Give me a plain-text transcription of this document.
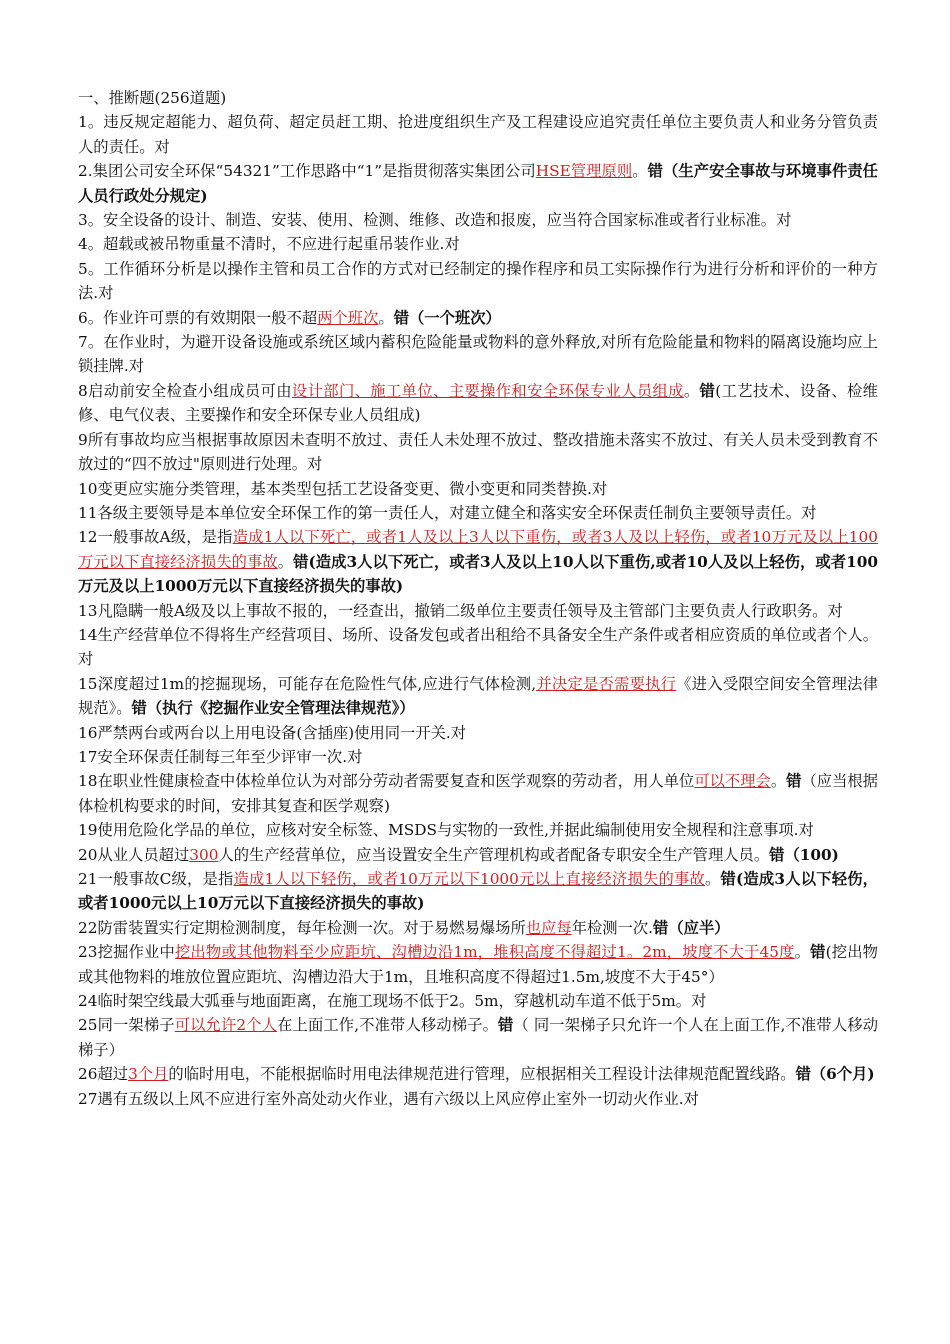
一、推断题(256道题)

1。违反规定超能力、超负荷、超定员赶工期、抢进度组织生产及工程建设应追究责任单位主要负责人和业务分管负责人的责任。对

2.集团公司安全环保“54321”工作思路中“1”是指贯彻落实集团公司HSE管理原则。错（生产安全事故与环境事件责任人员行政处分规定)

3。安全设备的设计、制造、安装、使用、检测、维修、改造和报废，应当符合国家标准或者行业标准。对

4。超载或被吊物重量不清时，不应进行起重吊装作业.对

5。工作循环分析是以操作主管和员工合作的方式对已经制定的操作程序和员工实际操作行为进行分析和评价的一种方法.对

6。作业许可票的有效期限一般不超两个班次。错（一个班次）

7。在作业时，为避开设备设施或系统区域内蓄积危险能量或物料的意外释放,对所有危险能量和物料的隔离设施均应上锁挂牌.对

8启动前安全检查小组成员可由设计部门、施工单位、主要操作和安全环保专业人员组成。错(工艺技术、设备、检维修、电气仪表、主要操作和安全环保专业人员组成)

9所有事故均应当根据事故原因未查明不放过、责任人未处理不放过、整改措施未落实不放过、有关人员未受到教育不放过的“四不放过"原则进行处理。对

10变更应实施分类管理，基本类型包括工艺设备变更、微小变更和同类替换.对

11各级主要领导是本单位安全环保工作的第一责任人，对建立健全和落实安全环保责任制负主要领导责任。对

12一般事故A级，是指造成1人以下死亡，或者1人及以上3人以下重伤，或者3人及以上轻伤，或者10万元及以上100万元以下直接经济损失的事故。错(造成3人以下死亡，或者3人及以上10人以下重伤,或者10人及以上轻伤，或者100万元及以上1000万元以下直接经济损失的事故)

13凡隐瞒一般A级及以上事故不报的，一经查出，撤销二级单位主要责任领导及主管部门主要负责人行政职务。对

14生产经营单位不得将生产经营项目、场所、设备发包或者出租给不具备安全生产条件或者相应资质的单位或者个人。对

15深度超过1m的挖掘现场，可能存在危险性气体,应进行气体检测,并决定是否需要执行《进入受限空间安全管理法律规范》。错（执行《挖掘作业安全管理法律规范》）

16严禁两台或两台以上用电设备(含插座)使用同一开关.对

17安全环保责任制每三年至少评审一次.对

18在职业性健康检查中体检单位认为对部分劳动者需要复查和医学观察的劳动者，用人单位可以不理会。错（应当根据体检机构要求的时间，安排其复查和医学观察)

19使用危险化学品的单位，应核对安全标签、MSDS与实物的一致性,并据此编制使用安全规程和注意事项.对

20从业人员超过300人的生产经营单位，应当设置安全生产管理机构或者配备专职安全生产管理人员。错（100)

21一般事故C级，是指造成1人以下轻伤，或者10万元以下1000元以上直接经济损失的事故。错(造成3人以下轻伤，或者1000元以上10万元以下直接经济损失的事故)

22防雷装置实行定期检测制度，每年检测一次。对于易燃易爆场所也应每年检测一次.错（应半）

23挖掘作业中挖出物或其他物料至少应距坑、沟槽边沿1m，堆积高度不得超过1。2m，坡度不大于45度。错(挖出物或其他物料的堆放位置应距坑、沟槽边沿大于1m，且堆积高度不得超过1.5m,坡度不大于45°）

24临时架空线最大弧垂与地面距离，在施工现场不低于2。5m，穿越机动车道不低于5m。对

25同一架梯子可以允许2个人在上面工作,不准带人移动梯子。错（ 同一架梯子只允许一个人在上面工作,不准带人移动梯子）

26超过3个月的临时用电，不能根据临时用电法律规范进行管理，应根据相关工程设计法律规范配置线路。错（6个月)

27遇有五级以上风不应进行室外高处动火作业，遇有六级以上风应停止室外一切动火作业.对
